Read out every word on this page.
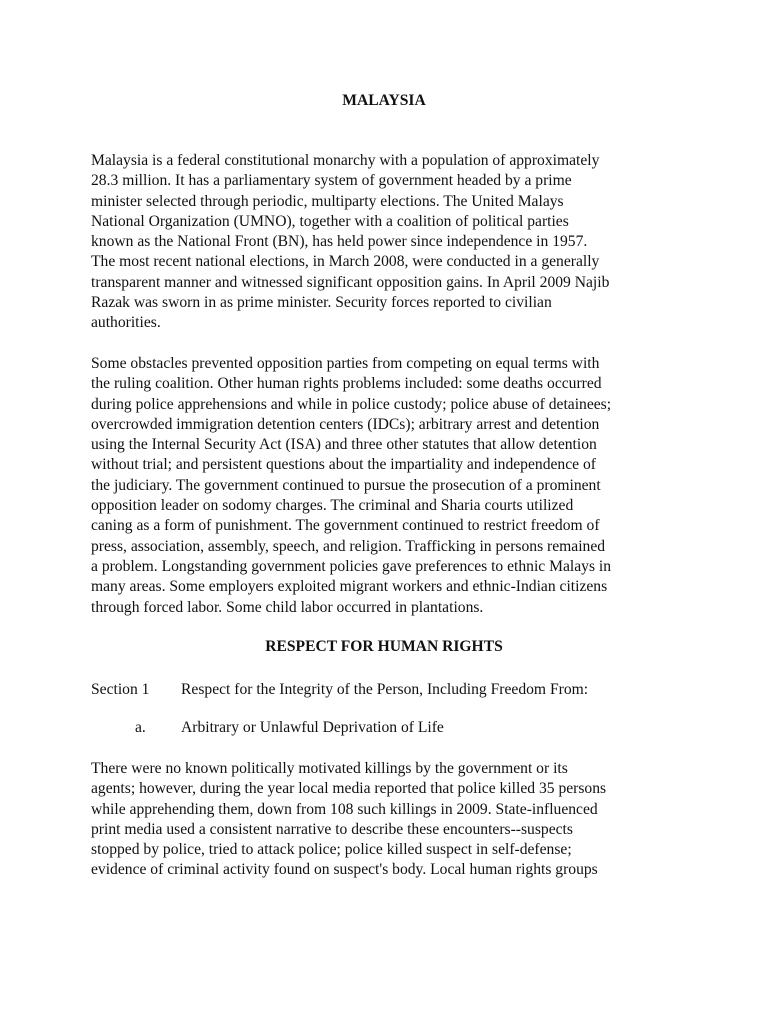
MALAYSIA

Malaysia is a federal constitutional monarchy with a population of approximately
28.3 million. It has a parliamentary system of government headed by a prime
minister selected through periodic, multiparty elections. The United Malays
National Organization (UMNO), together with a coalition of political parties
known as the National Front (BN), has held power since independence in 1957.
The most recent national elections, in March 2008, were conducted in a generally
transparent manner and witnessed significant opposition gains. In April 2009 Najib
Razak was sworn in as prime minister. Security forces reported to civilian
authorities.

Some obstacles prevented opposition parties from competing on equal terms with
the ruling coalition. Other human rights problems included: some deaths occurred
during police apprehensions and while in police custody; police abuse of detainees;
overcrowded immigration detention centers (IDCs); arbitrary arrest and detention
using the Internal Security Act (ISA) and three other statutes that allow detention
without trial; and persistent questions about the impartiality and independence of
the judiciary. The government continued to pursue the prosecution of a prominent
opposition leader on sodomy charges. The criminal and Sharia courts utilized
caning as a form of punishment. The government continued to restrict freedom of
press, association, assembly, speech, and religion. Trafficking in persons remained
a problem. Longstanding government policies gave preferences to ethnic Malays in
many areas. Some employers exploited migrant workers and ethnic-Indian citizens
through forced labor. Some child labor occurred in plantations.

RESPECT FOR HUMAN RIGHTS
Section 1 Respect for the Integrity of the Person, Including Freedom From:
a. Arbitrary or Unlawful Deprivation of Life

There were no known politically motivated killings by the government or its
agents; however, during the year local media reported that police killed 35 persons
while apprehending them, down from 108 such killings in 2009. State-influenced
print media used a consistent narrative to describe these encounters--suspects
stopped by police, tried to attack police; police killed suspect in self-defense;
evidence of criminal activity found on suspect's body. Local human rights groups
